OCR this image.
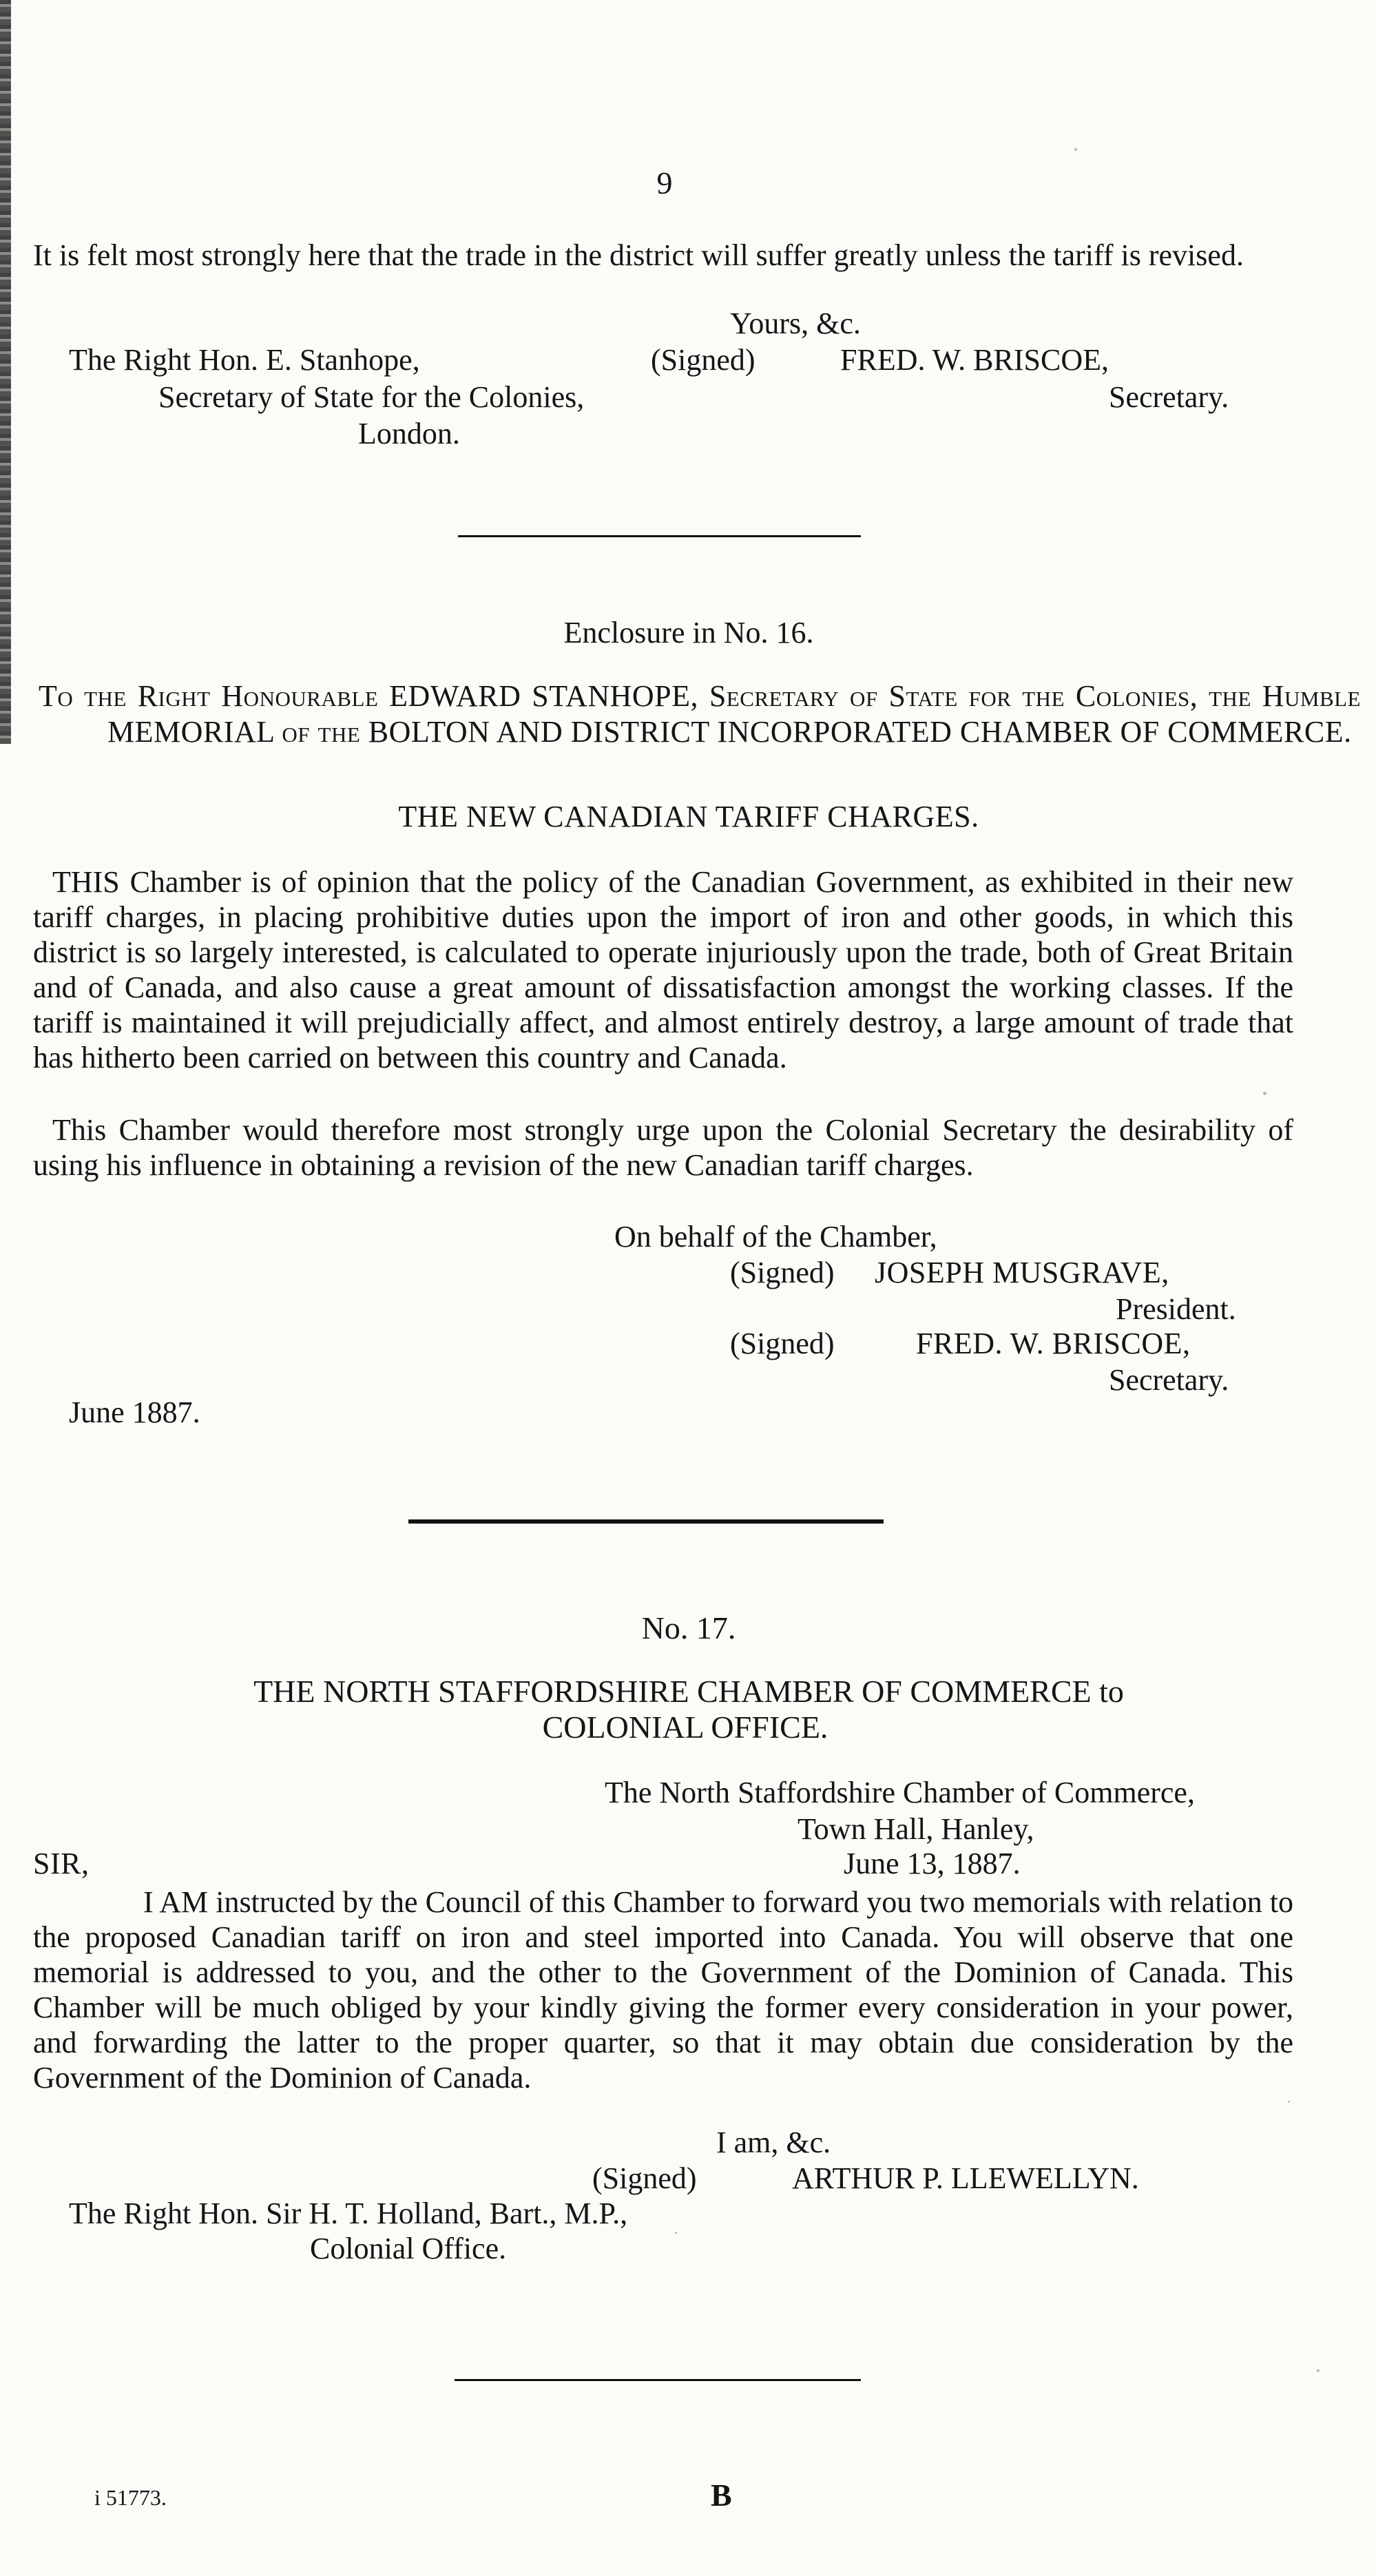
9

It is felt most strongly here that the trade in the district will suffer greatly unless the tariff is revised.

Yours, &c.
The Right Hon. E. Stanhope,	(Signed)	FRED. W. BRISCOE,
Secretary of State for the Colonies,	Secretary.
London.
Enclosure in No. 16.

To the Right Honourable EDWARD STANHOPE, Secretary of State for the Colonies, the Humble MEMORIAL of the BOLTON AND DISTRICT INCORPORATED CHAMBER OF COMMERCE.

THE NEW CANADIAN TARIFF CHARGES.

THIS Chamber is of opinion that the policy of the Canadian Government, as exhibited in their new tariff charges, in placing prohibitive duties upon the import of iron and other goods, in which this district is so largely interested, is calculated to operate injuriously upon the trade, both of Great Britain and of Canada, and also cause a great amount of dissatisfaction amongst the working classes. If the tariff is maintained it will prejudicially affect, and almost entirely destroy, a large amount of trade that has hitherto been carried on between this country and Canada.

This Chamber would therefore most strongly urge upon the Colonial Secretary the desirability of using his influence in obtaining a revision of the new Canadian tariff charges.

On behalf of the Chamber,
(Signed) JOSEPH MUSGRAVE,
President.
(Signed)	FRED. W. BRISCOE,
Secretary.
June 1887.
No. 17.
THE NORTH STAFFORDSHIRE CHAMBER OF COMMERCE to
COLONIAL OFFICE.
The North Staffordshire Chamber of Commerce,
Town Hall, Hanley,
SIR,	June 13, 1887.

I AM instructed by the Council of this Chamber to forward you two memorials with relation to the proposed Canadian tariff on iron and steel imported into Canada. You will observe that one memorial is addressed to you, and the other to the Government of the Dominion of Canada. This Chamber will be much obliged by your kindly giving the former every consideration in your power, and forwarding the latter to the proper quarter, so that it may obtain due consideration by the Government of the Dominion of Canada.

I am, &c.
(Signed)	ARTHUR P. LLEWELLYN.
The Right Hon. Sir H. T. Holland, Bart., M.P.,
Colonial Office.
i 51773.	B
